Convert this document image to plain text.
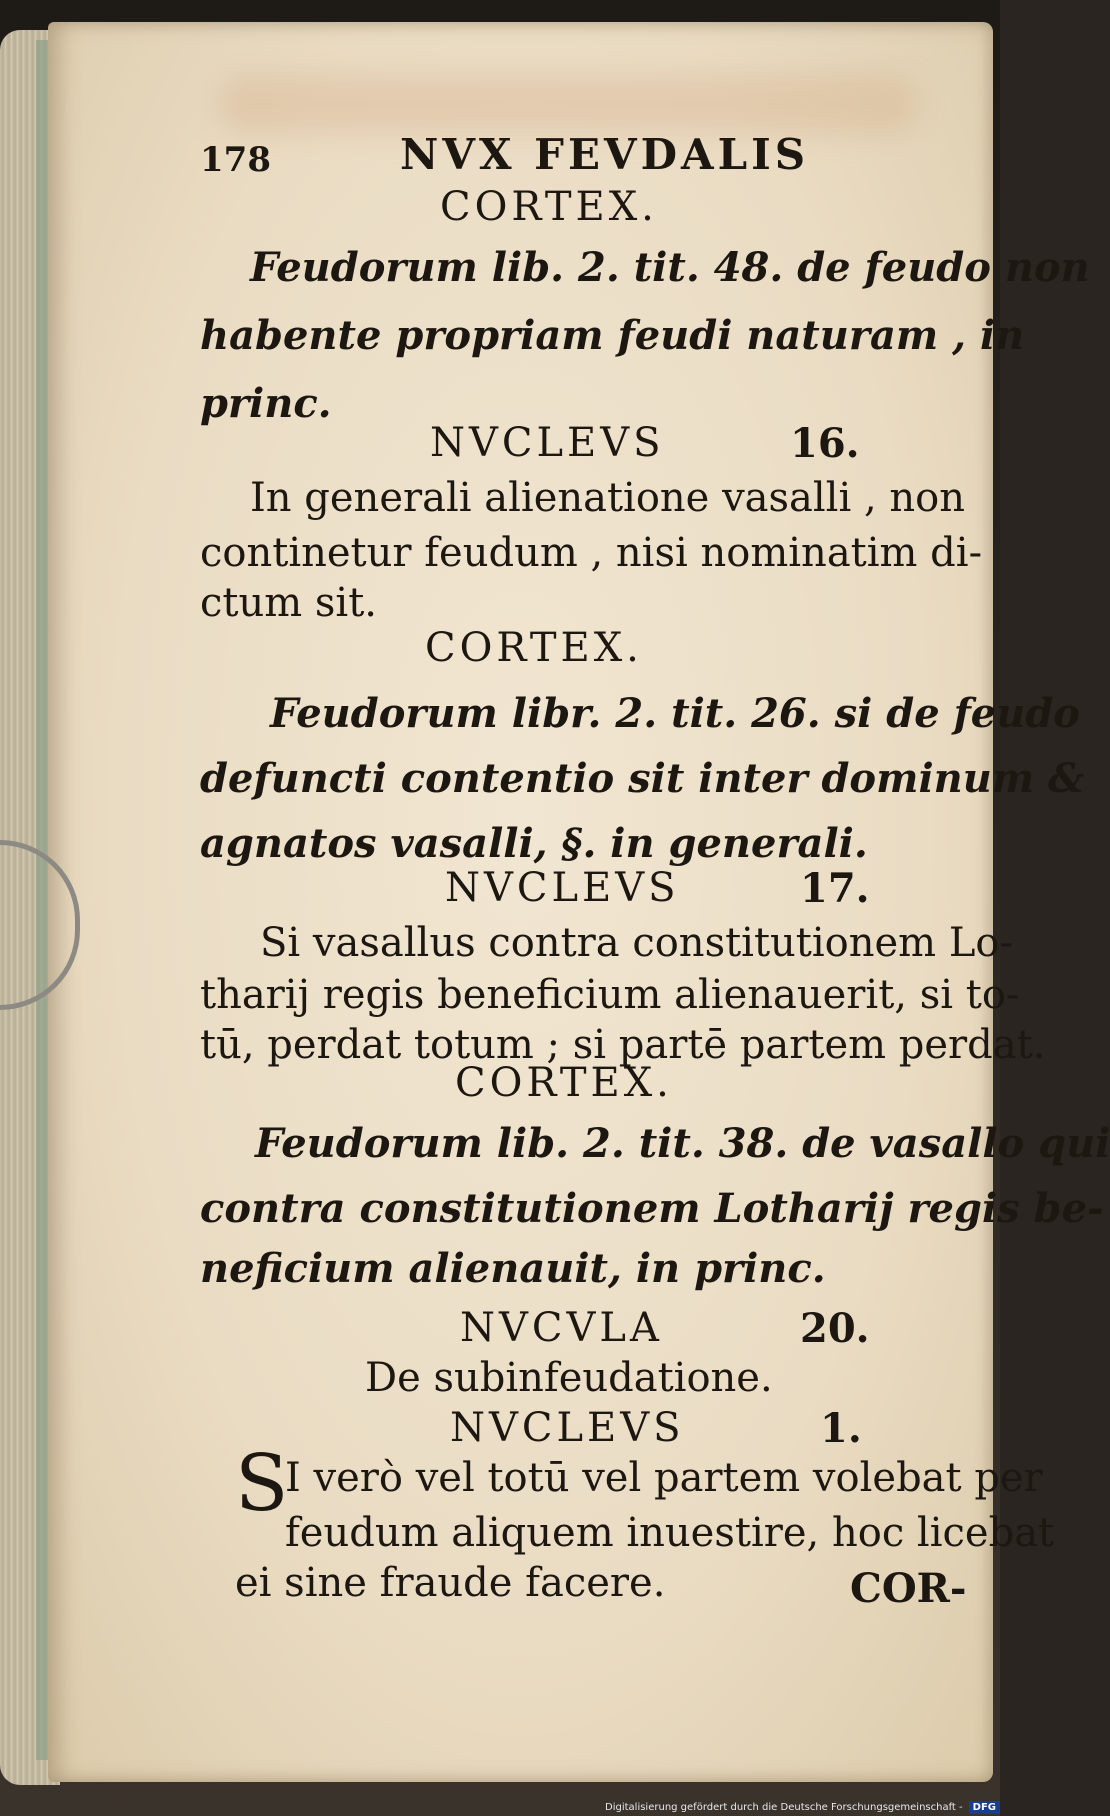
178	NVX FEVDALIS
CORTEX.
Feudorum lib. 2. tit. 48. de feudo non
habente propriam feudi naturam , in
princ.
NVCLEVS	16.
In generali alienatione vasalli , non
continetur feudum , nisi nominatim di-
ctum sit.
CORTEX.
Feudorum libr. 2. tit. 26. si de feudo
defuncti contentio sit inter dominum &
agnatos vasalli, §. in generali.
NVCLEVS	17.
Si vasallus contra constitutionem Lo-
tharij regis beneficium alienauerit, si to-
tū, perdat totum ; si partē partem perdat.
CORTEX.
Feudorum lib. 2. tit. 38. de vasallo qui
contra constitutionem Lotharij regis be-
neficium alienauit, in princ.
NVCVLA	20.
De subinfeudatione.
NVCLEVS	1.
S
I verò vel totū vel partem volebat per
feudum aliquem inuestire, hoc licebat
ei sine fraude facere.	COR-
Digitalisierung gefördert durch die Deutsche Forschungsgemeinschaft -	DFG
